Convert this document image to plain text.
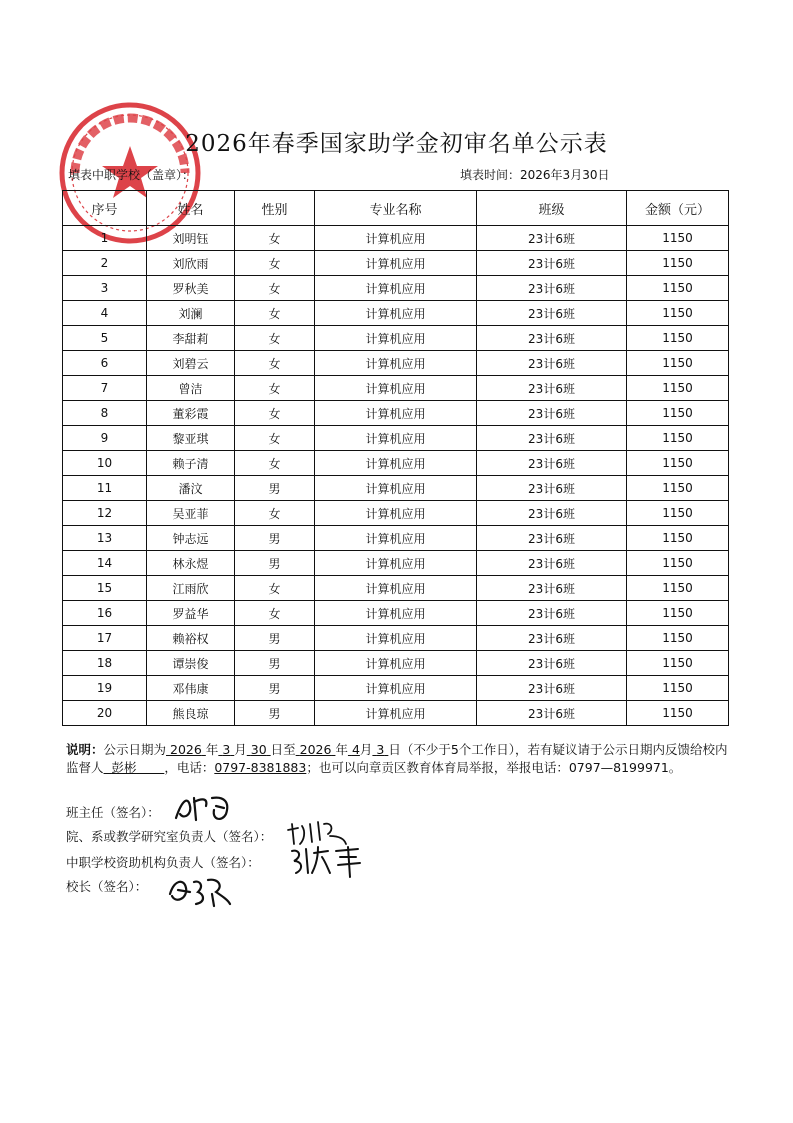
2026年春季国家助学金初审名单公示表
填表中职学校（盖章）：	填表时间：2026年3月30日
序号	姓名	性别	专业名称	班级	金额（元）
1	刘明钰	女	计算机应用	23计6班	1150
2	刘欣雨	女	计算机应用	23计6班	1150
3	罗秋美	女	计算机应用	23计6班	1150
4	刘澜	女	计算机应用	23计6班	1150
5	李甜莉	女	计算机应用	23计6班	1150
6	刘碧云	女	计算机应用	23计6班	1150
7	曾洁	女	计算机应用	23计6班	1150
8	董彩霞	女	计算机应用	23计6班	1150
9	黎亚琪	女	计算机应用	23计6班	1150
10	赖子清	女	计算机应用	23计6班	1150
11	潘汶	男	计算机应用	23计6班	1150
12	吴亚菲	女	计算机应用	23计6班	1150
13	钟志远	男	计算机应用	23计6班	1150
14	林永煜	男	计算机应用	23计6班	1150
15	江雨欣	女	计算机应用	23计6班	1150
16	罗益华	女	计算机应用	23计6班	1150
17	赖裕权	男	计算机应用	23计6班	1150
18	谭崇俊	男	计算机应用	23计6班	1150
19	邓伟康	男	计算机应用	23计6班	1150
20	熊良琼	男	计算机应用	23计6班	1150
说明：公示日期为 2026 年 3 月 30 日至 2026 年 4月 3 日（不少于5个工作日），若有疑议请于公示日期内反馈给校内监督人 彭彬 ，电话：0797-8381883；也可以向章贡区教育体育局举报，举报电话：0797—8199971。
班主任（签名）：
院、系或教学研究室负责人（签名）：
中职学校资助机构负责人（签名）：
校长（签名）：
